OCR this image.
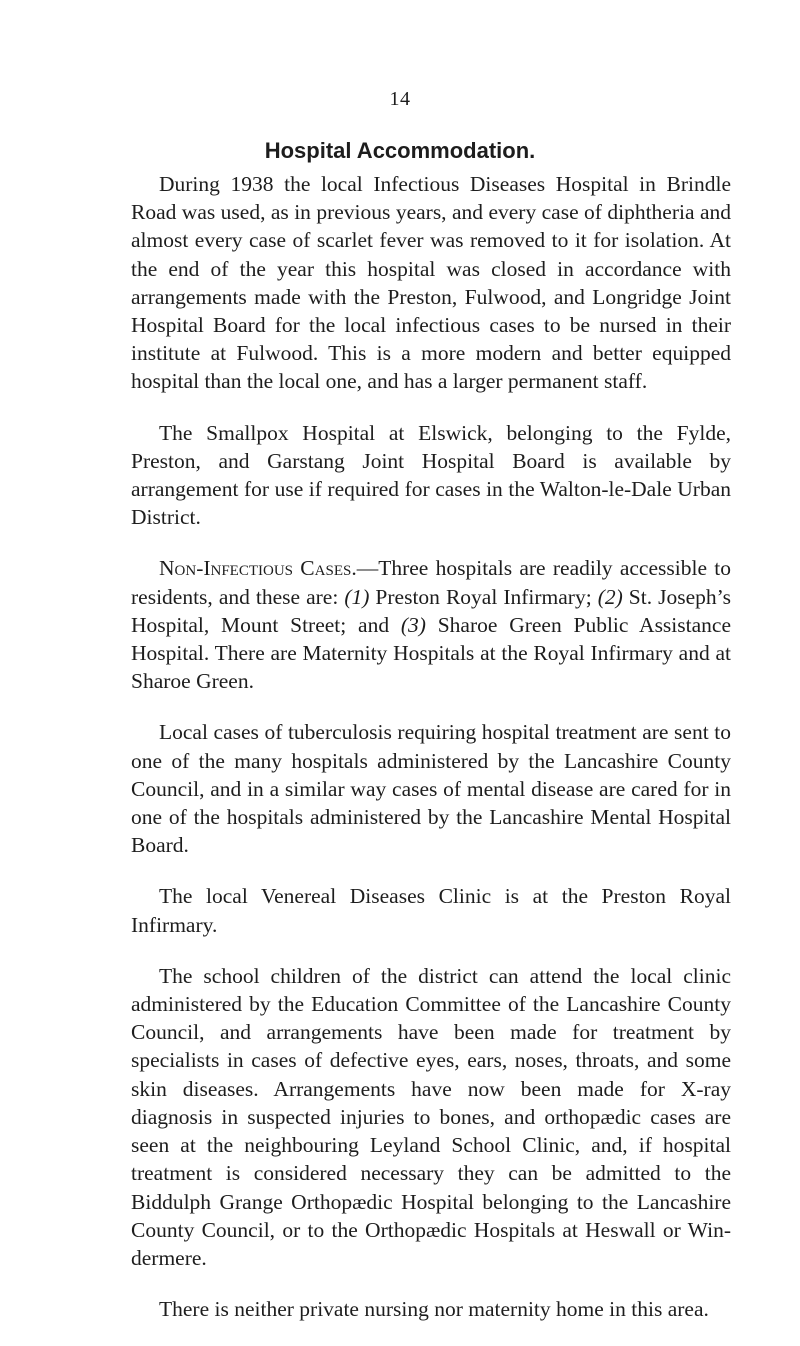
14
Hospital Accommodation.

During 1938 the local Infectious Diseases Hospital in Brindle Road was used, as in previous years, and every case of diphtheria and almost every case of scarlet fever was removed to it for isolation. At the end of the year this hospital was closed in accordance with arrangements made with the Preston, Fulwood, and Longridge Joint Hospital Board for the local infectious cases to be nursed in their institute at Fulwood. This is a more modern and better equipped hospital than the local one, and has a larger permanent staff.

The Smallpox Hospital at Elswick, belonging to the Fylde, Preston, and Garstang Joint Hospital Board is available by arrangement for use if required for cases in the Walton-le-Dale Urban District.

Non-Infectious Cases.—Three hospitals are readily accessible to residents, and these are: (1) Preston Royal Infirmary; (2) St. Joseph’s Hospital, Mount Street; and (3) Sharoe Green Public Assistance Hospital. There are Maternity Hospitals at the Royal Infirmary and at Sharoe Green.

Local cases of tuberculosis requiring hospital treatment are sent to one of the many hospitals administered by the Lancashire County Council, and in a similar way cases of mental disease are cared for in one of the hospitals administered by the Lancashire Mental Hospital Board.

The local Venereal Diseases Clinic is at the Preston Royal Infirmary.

The school children of the district can attend the local clinic administered by the Education Committee of the Lancashire County Council, and arrangements have been made for treatment by specialists in cases of defective eyes, ears, noses, throats, and some skin diseases. Arrangements have now been made for X-ray diagnosis in suspected injuries to bones, and orthopædic cases are seen at the neighbouring Leyland School Clinic, and, if hospital treatment is considered necessary they can be admitted to the Biddulph Grange Orthopædic Hospital belonging to the Lancashire County Council, or to the Orthopædic Hospitals at Heswall or Windermere.

There is neither private nursing nor maternity home in this area.
